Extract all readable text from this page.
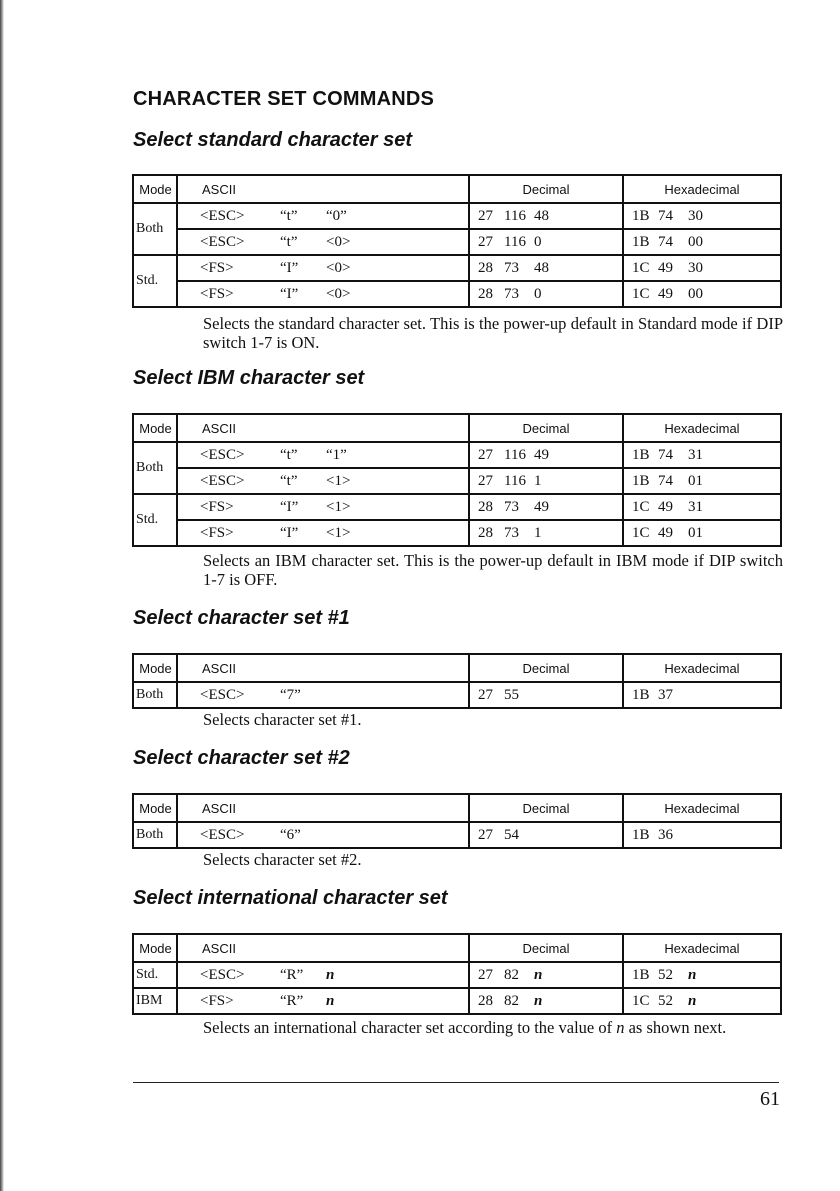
CHARACTER SET COMMANDS
Select standard character set
Mode	ASCII	Decimal	Hexadecimal
Both	<ESC> “t” “0”	27 116 48	1B 74 30
	<ESC> “t” <0>	27 116 0	1B 74 00
Std.	<FS> “I” <0>	28 73 48	1C 49 30
	<FS> “I” <0>	28 73 0	1C 49 00

Selects the standard character set. This is the power-up default in Standard mode if DIP switch 1-7 is ON.

Select IBM character set
Mode	ASCII	Decimal	Hexadecimal
Both	<ESC> “t” “1”	27 116 49	1B 74 31
	<ESC> “t” <1>	27 116 1	1B 74 01
Std.	<FS> “I” <1>	28 73 49	1C 49 31
	<FS> “I” <1>	28 73 1	1C 49 01

Selects an IBM character set. This is the power-up default in IBM mode if DIP switch 1-7 is OFF.

Select character set #1
Mode	ASCII	Decimal	Hexadecimal
Both	<ESC> “7”	27 55	1B 37

Selects character set #1.

Select character set #2
Mode	ASCII	Decimal	Hexadecimal
Both	<ESC> “6”	27 54	1B 36

Selects character set #2.

Select international character set
Mode	ASCII	Decimal	Hexadecimal
Std.	<ESC> “R” n	27 82 n	1B 52 n
IBM	<FS> “R” n	28 82 n	1C 52 n

Selects an international character set according to the value of n as shown next.

61
